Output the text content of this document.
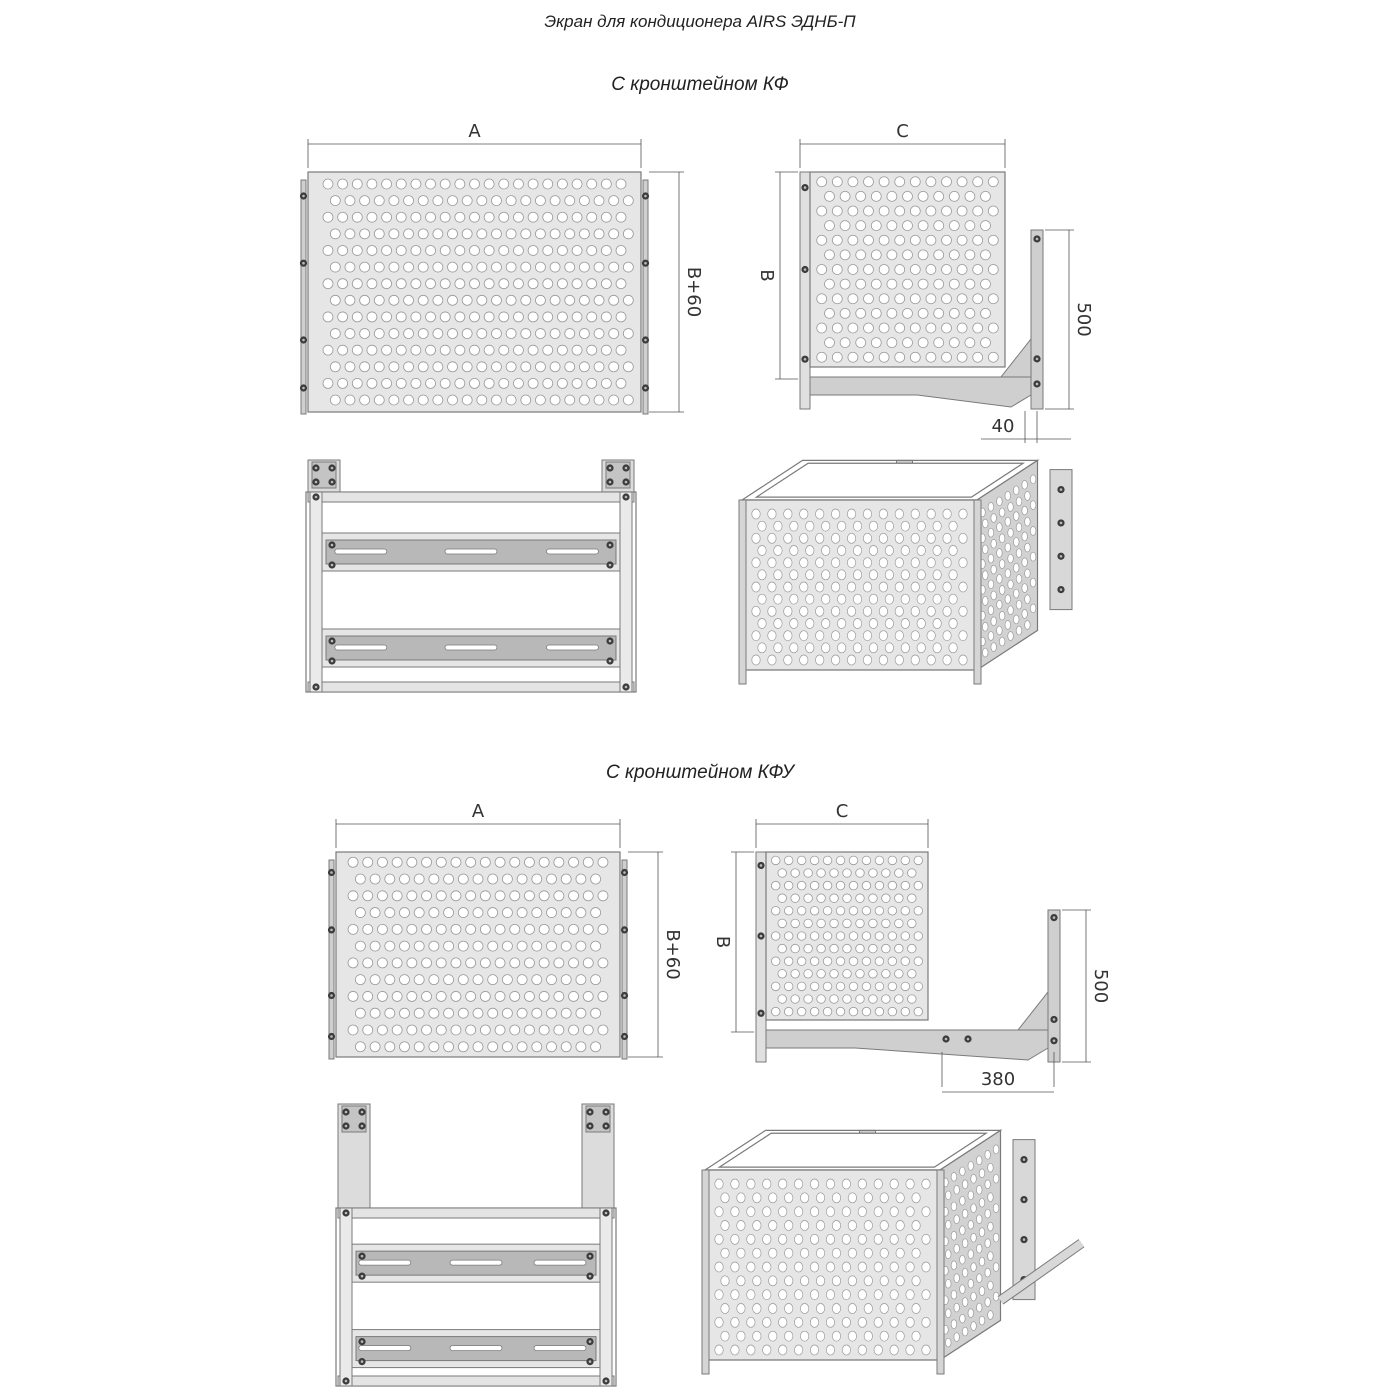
Экран для кондиционера AIRS ЭДНБ-П
С кронштейном КФ
С кронштейном КФУ
A
B+60
C
B
500
40
A
B+60
C
B
500
380
